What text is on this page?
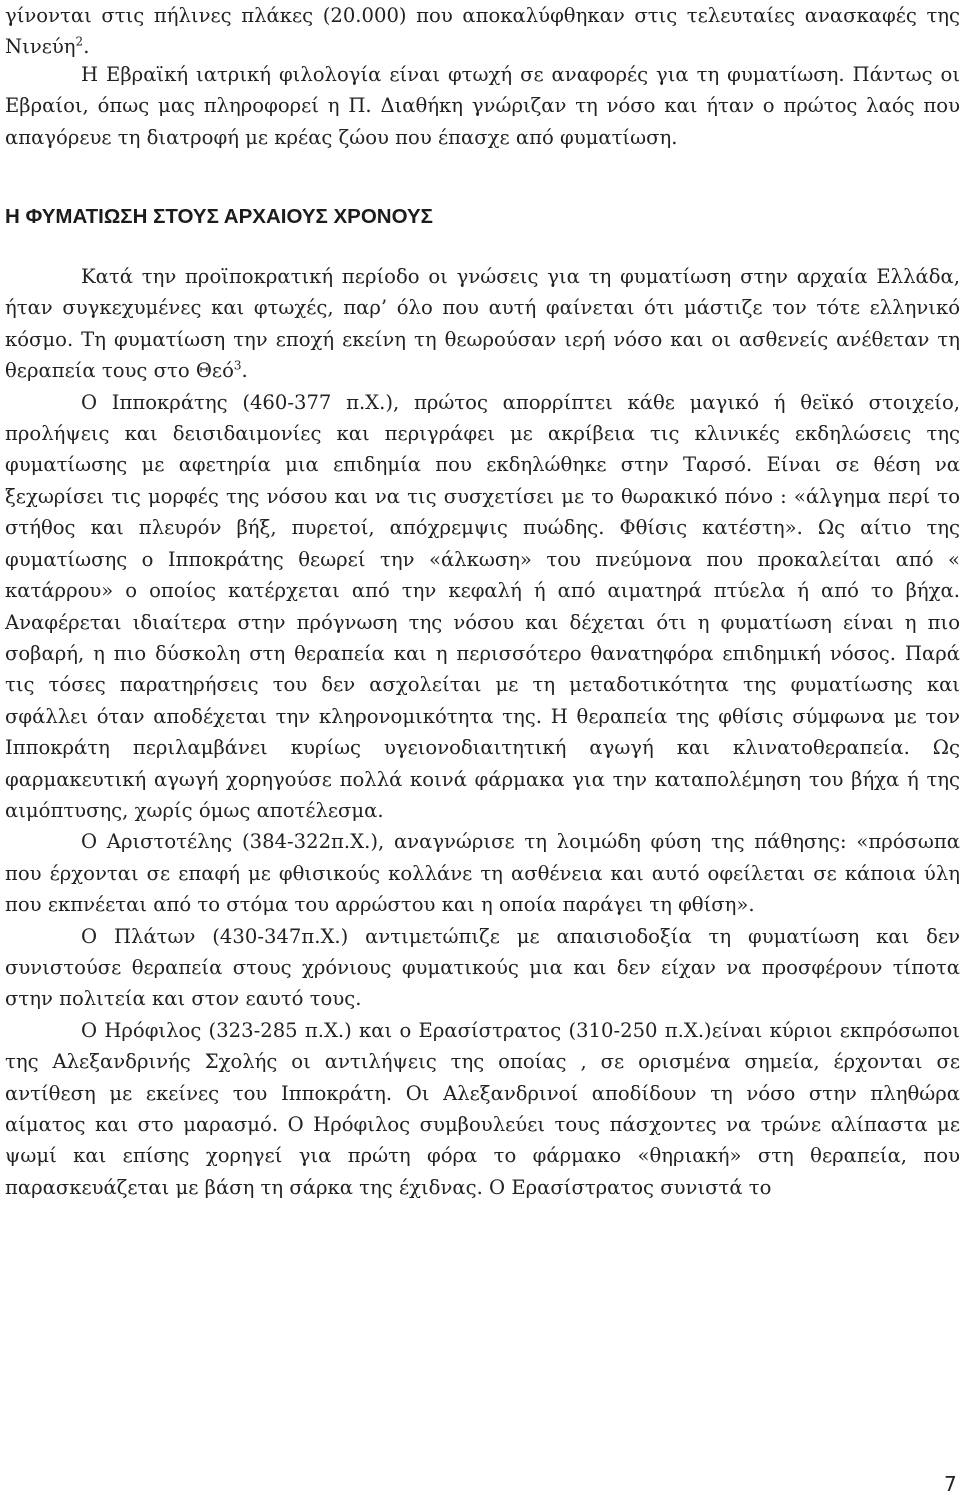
γίνονται στις πήλινες πλάκες (20.000) που αποκαλύφθηκαν στις τελευταίες ανασκαφές της Νινεύη$^2$.

Η Εβραϊκή ιατρική φιλολογία είναι φτωχή σε αναφορές για τη φυματίωση. Πάντως οι Εβραίοι, όπως μας πληροφορεί η Π. Διαθήκη γνώριζαν τη νόσο και ήταν ο πρώτος λαός που απαγόρευε τη διατροφή με κρέας ζώου που έπασχε από φυματίωση.

Η ΦΥΜΑΤΙΩΣΗ ΣΤΟΥΣ ΑΡΧΑΙΟΥΣ ΧΡΟΝΟΥΣ

Κατά την προϊποκρατική περίοδο οι γνώσεις για τη φυματίωση στην αρχαία Ελλάδα, ήταν συγκεχυμένες και φτωχές, παρ’ όλο που αυτή φαίνεται ότι μάστιζε τον τότε ελληνικό κόσμο. Τη φυματίωση την εποχή εκείνη τη θεωρούσαν ιερή νόσο και οι ασθενείς ανέθεταν τη θεραπεία τους στο Θεό$^3$.

Ο Ιπποκράτης (460-377 π.Χ.), πρώτος απορρίπτει κάθε μαγικό ή θεϊκό στοιχείο, προλήψεις και δεισιδαιμονίες και περιγράφει με ακρίβεια τις κλινικές εκδηλώσεις της φυματίωσης με αφετηρία μια επιδημία που εκδηλώθηκε στην Ταρσό. Είναι σε θέση να ξεχωρίσει τις μορφές της νόσου και να τις συσχετίσει με το θωρακικό πόνο : «άλγημα περί το στήθος και πλευρόν βήξ, πυρετοί, απόχρεμψις πυώδης. Φθίσις κατέστη». Ως αίτιο της φυματίωσης ο Ιπποκράτης θεωρεί την «άλκωση» του πνεύμονα που προκαλείται από « κατάρρου» ο οποίος κατέρχεται από την κεφαλή ή από αιματηρά πτύελα ή από το βήχα. Αναφέρεται ιδιαίτερα στην πρόγνωση της νόσου και δέχεται ότι η φυματίωση είναι η πιο σοβαρή, η πιο δύσκολη στη θεραπεία και η περισσότερο θανατηφόρα επιδημική νόσος. Παρά τις τόσες παρατηρήσεις του δεν ασχολείται με τη μεταδοτικότητα της φυματίωσης και σφάλλει όταν αποδέχεται την κληρονομικότητα της. Η θεραπεία της φθίσις σύμφωνα με τον Ιπποκράτη περιλαμβάνει κυρίως υγειονοδιαιτητική αγωγή και κλινατοθεραπεία. Ως φαρμακευτική αγωγή χορηγούσε πολλά κοινά φάρμακα για την καταπολέμηση του βήχα ή της αιμόπτυσης, χωρίς όμως αποτέλεσμα.

Ο Αριστοτέλης (384-322π.Χ.), αναγνώρισε τη λοιμώδη φύση της πάθησης: «πρόσωπα που έρχονται σε επαφή με φθισικούς κολλάνε τη ασθένεια και αυτό οφείλεται σε κάποια ύλη που εκπνέεται από το στόμα του αρρώστου και η οποία παράγει τη φθίση».

Ο Πλάτων (430-347π.Χ.) αντιμετώπιζε με απαισιοδοξία τη φυματίωση και δεν συνιστούσε θεραπεία στους χρόνιους φυματικούς μια και δεν είχαν να προσφέρουν τίποτα στην πολιτεία και στον εαυτό τους.

Ο Ηρόφιλος (323-285 π.Χ.) και ο Ερασίστρατος (310-250 π.Χ.)είναι κύριοι εκπρόσωποι της Αλεξανδρινής Σχολής οι αντιλήψεις της οποίας , σε ορισμένα σημεία, έρχονται σε αντίθεση με εκείνες του Ιπποκράτη. Οι Αλεξανδρινοί αποδίδουν τη νόσο στην πληθώρα αίματος και στο μαρασμό. Ο Ηρόφιλος συμβουλεύει τους πάσχοντες να τρώνε αλίπαστα με ψωμί και επίσης χορηγεί για πρώτη φόρα το φάρμακο «θηριακή» στη θεραπεία, που παρασκευάζεται με βάση τη σάρκα της έχιδνας. Ο Ερασίστρατος συνιστά το

7
